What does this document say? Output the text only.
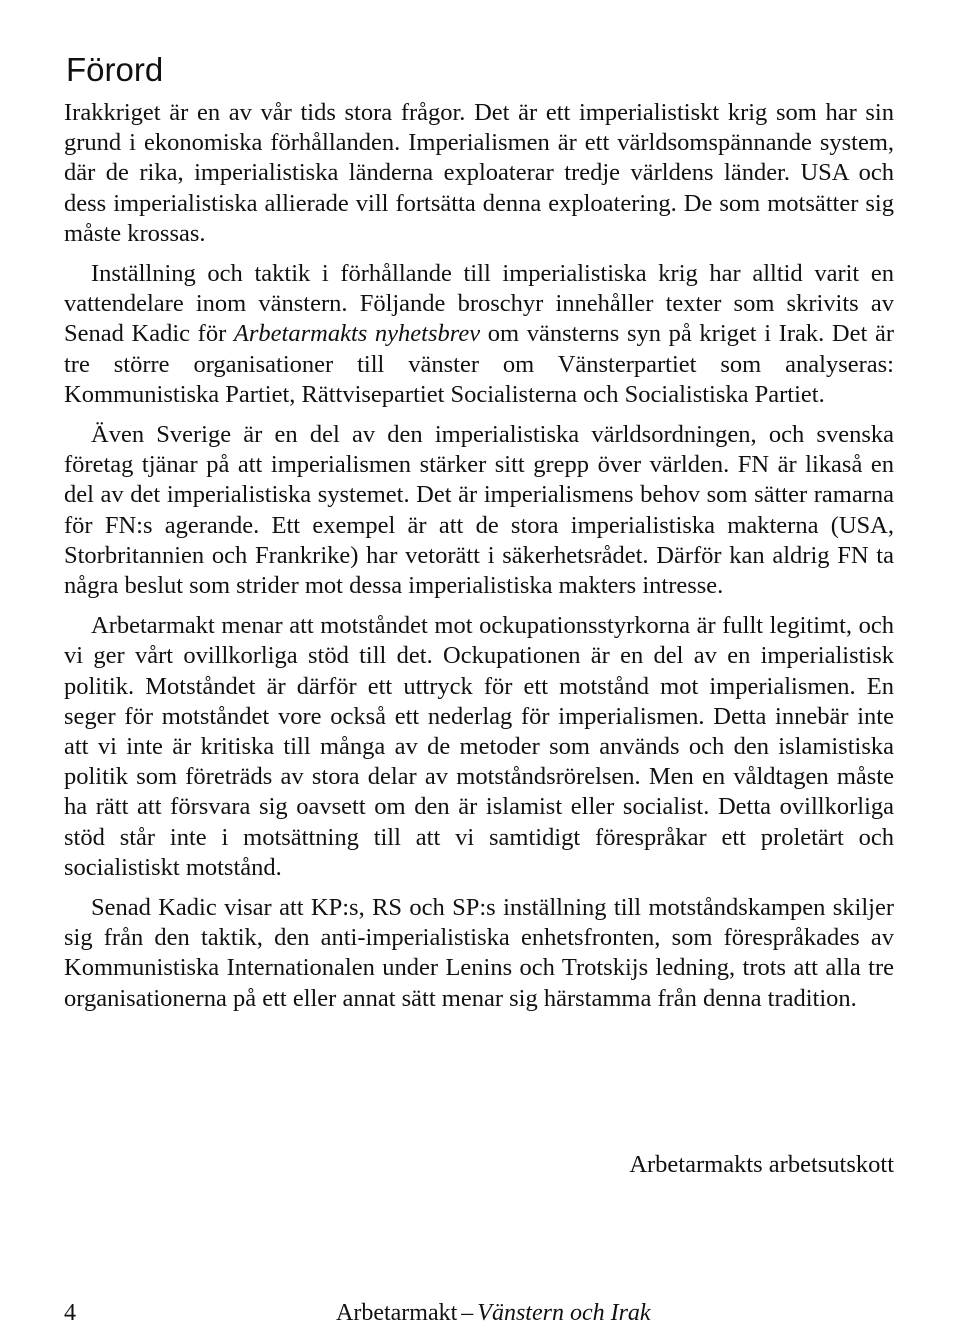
Förord

Irakkriget är en av vår tids stora frågor. Det är ett imperialistiskt krig som har sin grund i ekonomiska förhållanden. Imperialismen är ett världsomspännande system, där de rika, imperialistiska länderna exploaterar tredje världens länder. USA och dess imperialistiska allierade vill fortsätta denna exploatering. De som motsätter sig måste krossas.

Inställning och taktik i förhållande till imperialistiska krig har alltid varit en vattendelare inom vänstern. Följande broschyr innehåller texter som skrivits av Senad Kadic för Arbetarmakts nyhetsbrev om vänsterns syn på kriget i Irak. Det är tre större organisationer till vänster om Vänsterpartiet som analyseras: Kommunistiska Partiet, Rättvisepartiet Socialisterna och Socialistiska Partiet.

Även Sverige är en del av den imperialistiska världsordningen, och svenska företag tjänar på att imperialismen stärker sitt grepp över världen. FN är likaså en del av det imperialistiska systemet. Det är imperialismens behov som sätter ramarna för FN:s agerande. Ett exempel är att de stora imperialistiska makterna (USA, Storbritannien och Frankrike) har vetorätt i säkerhetsrådet. Därför kan aldrig FN ta några beslut som strider mot dessa imperialistiska makters intresse.

Arbetarmakt menar att motståndet mot ockupationsstyrkorna är fullt legitimt, och vi ger vårt ovillkorliga stöd till det. Ockupationen är en del av en imperialistisk politik. Motståndet är därför ett uttryck för ett motstånd mot imperialismen. En seger för motståndet vore också ett nederlag för imperialismen. Detta innebär inte att vi inte är kritiska till många av de metoder som används och den islamistiska politik som företräds av stora delar av motståndsrörelsen. Men en våldtagen måste ha rätt att försvara sig oavsett om den är islamist eller socialist. Detta ovillkorliga stöd står inte i motsättning till att vi samtidigt förespråkar ett proletärt och socialistiskt motstånd.

Senad Kadic visar att KP:s, RS och SP:s inställning till motståndskampen skiljer sig från den taktik, den anti-imperialistiska enhetsfronten, som förespråkades av Kommunistiska Internationalen under Lenins och Trotskijs ledning, trots att alla tre organisationerna på ett eller annat sätt menar sig härstamma från denna tradition.

Arbetarmakts arbetsutskott
4	Arbetarmakt – Vänstern och Irak
